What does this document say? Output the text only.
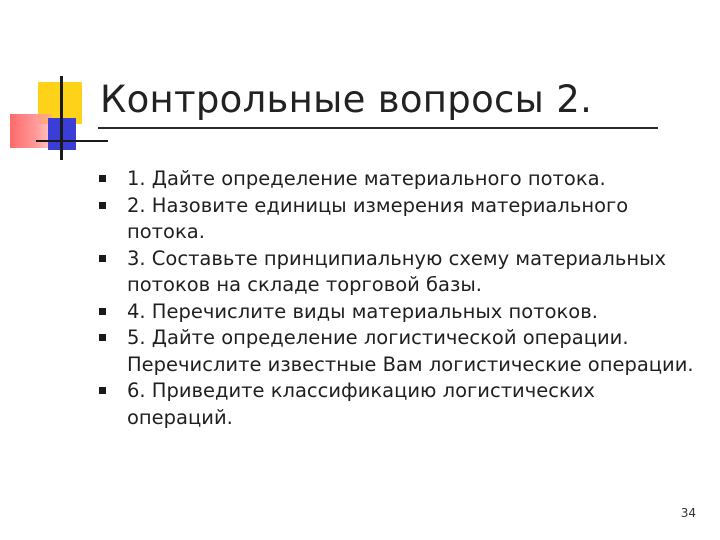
Контрольные вопросы 2.
1. Дайте определение материального потока.
2. Назовите единицы измерения материального потока.
3. Составьте принципиальную схему материальных потоков на складе торговой базы.
4. Перечислите виды материальных потоков.
5. Дайте определение логистической операции. Перечислите известные Вам логистические операции.
6. Приведите классификацию логистических операций.
34
